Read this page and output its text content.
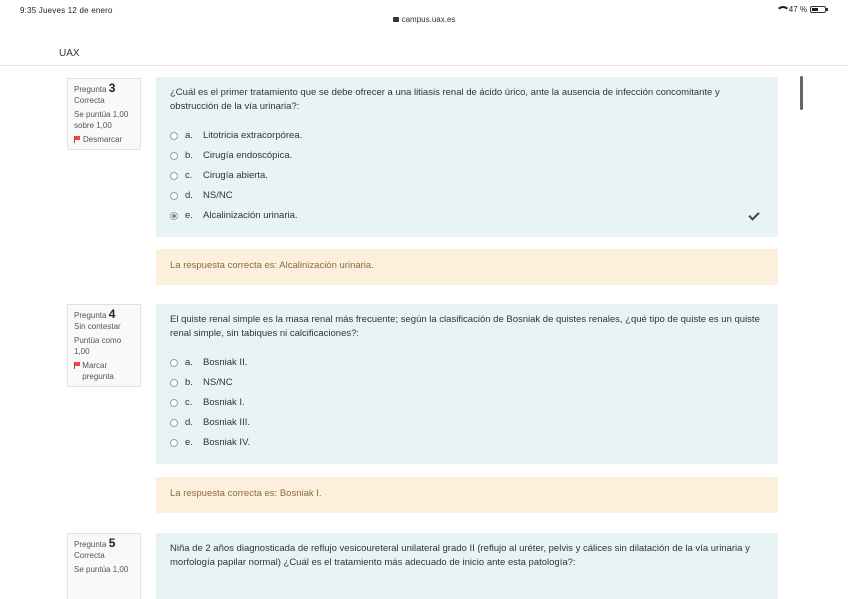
9:35 Jueves 12 de enero
campus.uax.es
47 %
UAX
Pregunta 3
Correcta
Se puntúa 1,00 sobre 1,00
Desmarcar
¿Cuál es el primer tratamiento que se debe ofrecer a una litiasis renal de ácido úrico, ante la ausencia de infección concomitante y obstrucción de la vía urinaria?:
a.	Litotricia extracorpórea.
b.	Cirugía endoscópica.
c.	Cirugía abierta.
d.	NS/NC
e.	Alcalinización urinaria.
La respuesta correcta es: Alcalinización urinaria.
Pregunta 4
Sin contestar
Puntúa como 1,00
Marcar pregunta
El quiste renal simple es la masa renal más frecuente; según la clasificación de Bosniak de quistes renales, ¿qué tipo de quiste es un quiste renal simple, sin tabiques ni calcificaciones?:
a.	Bosniak II.
b.	NS/NC
c.	Bosniak I.
d.	Bosniak III.
e.	Bosniak IV.
La respuesta correcta es: Bosniak I.
Pregunta 5
Correcta
Se puntúa 1,00
Niña de 2 años diagnosticada de reflujo vesicoureteral unilateral grado II (reflujo al uréter, pelvis y cálices sin dilatación de la vía urinaria y morfología papilar normal) ¿Cuál es el tratamiento más adecuado de inicio ante esta patología?:
